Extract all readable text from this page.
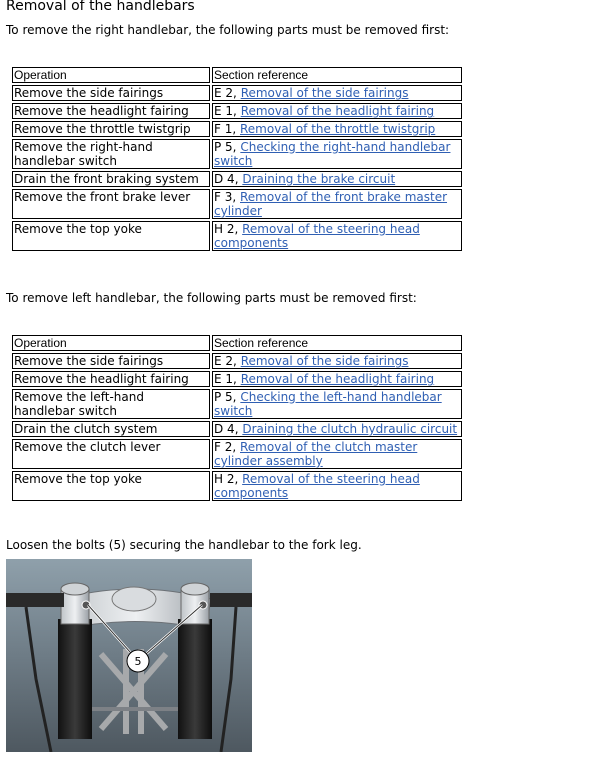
Removal of the handlebars
To remove the right handlebar, the following parts must be removed first:
Operation	Section reference
Remove the side fairings	E 2, Removal of the side fairings
Remove the headlight fairing	E 1, Removal of the headlight fairing
Remove the throttle twistgrip	F 1, Removal of the throttle twistgrip
Remove the right-hand handlebar switch	P 5, Checking the right-hand handlebar switch
Drain the front braking system	D 4, Draining the brake circuit
Remove the front brake lever	F 3, Removal of the front brake master cylinder
Remove the top yoke	H 2, Removal of the steering head components
To remove left handlebar, the following parts must be removed first:
Operation	Section reference
Remove the side fairings	E 2, Removal of the side fairings
Remove the headlight fairing	E 1, Removal of the headlight fairing
Remove the left-hand handlebar switch	P 5, Checking the left-hand handlebar switch
Drain the clutch system	D 4, Draining the clutch hydraulic circuit
Remove the clutch lever	F 2, Removal of the clutch master cylinder assembly
Remove the top yoke	H 2, Removal of the steering head components
Loosen the bolts (5) securing the handlebar to the fork leg.
5
